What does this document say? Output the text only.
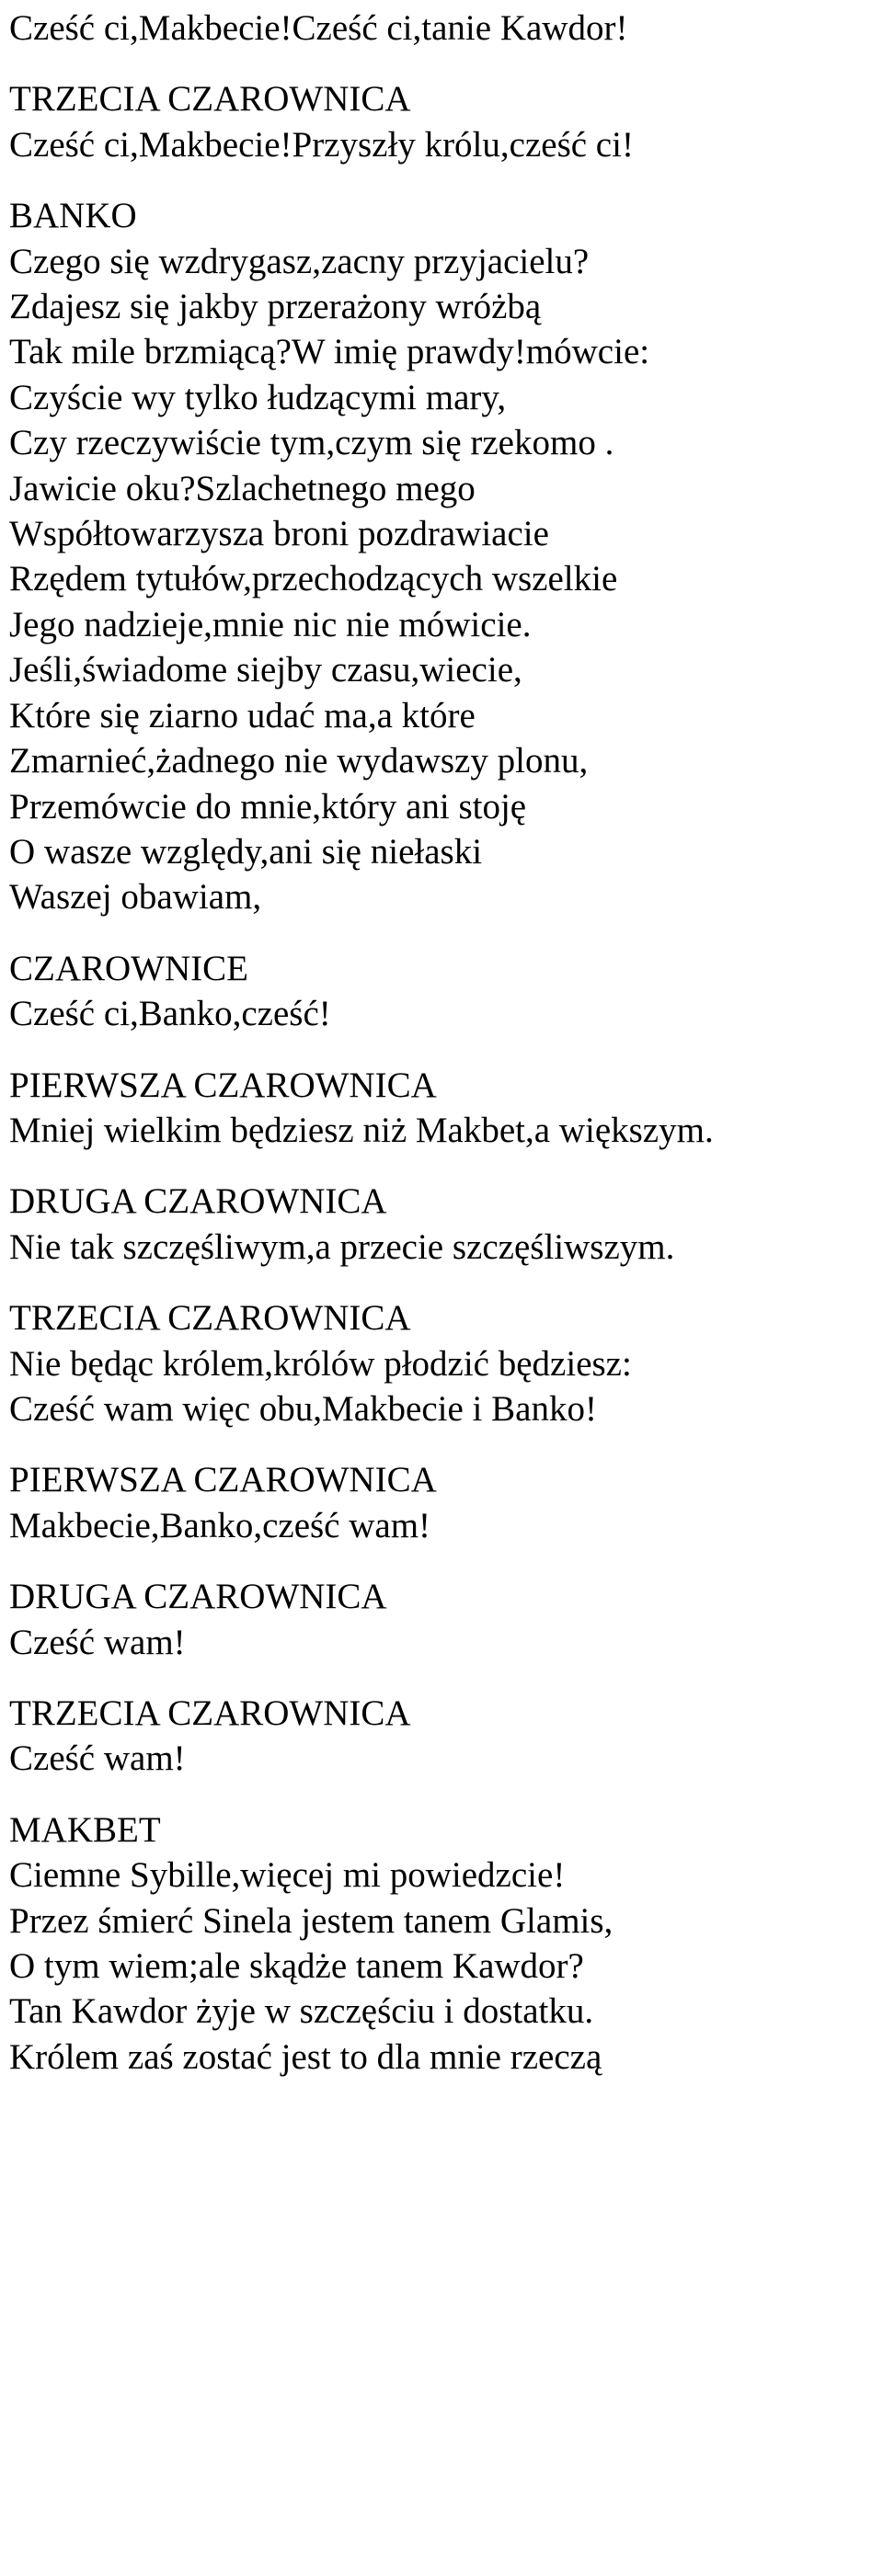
Cześć ci,Makbecie!Cześć ci,tanie Kawdor!
TRZECIA CZAROWNICA
Cześć ci,Makbecie!Przyszły królu,cześć ci!
BANKO
Czego się wzdrygasz,zacny przyjacielu?
Zdajesz się jakby przerażony wróżbą
Tak mile brzmiącą?W imię prawdy!mówcie:
Czyście wy tylko łudzącymi mary,
Czy rzeczywiście tym,czym się rzekomo .
Jawicie oku?Szlachetnego mego
Współtowarzysza broni pozdrawiacie
Rzędem tytułów,przechodzących wszelkie
Jego nadzieje,mnie nic nie mówicie.
Jeśli,świadome siejby czasu,wiecie,
Które się ziarno udać ma,a które
Zmarnieć,żadnego nie wydawszy plonu,
Przemówcie do mnie,który ani stoję
O wasze względy,ani się niełaski
Waszej obawiam,
CZAROWNICE
Cześć ci,Banko,cześć!
PIERWSZA CZAROWNICA
Mniej wielkim będziesz niż Makbet,a większym.
DRUGA CZAROWNICA
Nie tak szczęśliwym,a przecie szczęśliwszym.
TRZECIA CZAROWNICA
Nie będąc królem,królów płodzić będziesz:
Cześć wam więc obu,Makbecie i Banko!
PIERWSZA CZAROWNICA
Makbecie,Banko,cześć wam!
DRUGA CZAROWNICA
Cześć wam!
TRZECIA CZAROWNICA
Cześć wam!
MAKBET
Ciemne Sybille,więcej mi powiedzcie!
Przez śmierć Sinela jestem tanem Glamis,
O tym wiem;ale skądże tanem Kawdor?
Tan Kawdor żyje w szczęściu i dostatku.
Królem zaś zostać jest to dla mnie rzeczą
